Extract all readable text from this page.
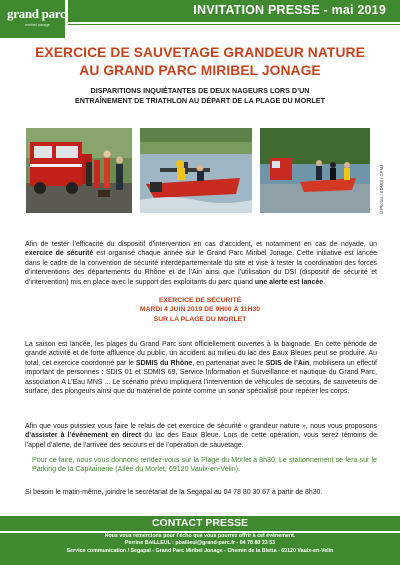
grand parc
miribel jonage
INVITATION PRESSE - mai 2019
EXERCICE DE SAUVETAGE GRANDEUR NATURE
AU GRAND PARC MIRIBEL JONAGE
DISPARITIONS INQUIÉTANTES DE DEUX NAGEURS LORS D’UN
ENTRAÎNEMENT DE TRIATHLON AU DÉPART DE LA PLAGE DU MORLET
© Photos : SDMIS / GPMJ
Afin de tester l’efficacité du dispositif d’intervention en cas d’accident, et notamment en cas de noyade, un exercice de sécurité est organisé chaque année sur le Grand Parc Miribel Jonage. Cette initiative est lancée dans le cadre de la convention de sécurité interdépartementale du site et vise à tester la coordination des forces d’interventions des départements du Rhône et de l’Ain ainsi que l’utilisation du DSI (dispositif de sécurité et d’intervention) mis en place avec le support des exploitants du parc quand une alerte est lancée.
EXERCICE DE SÉCURITÉ
MARDI 4 JUIN 2019 DE 9H00 À 11H30
SUR LA PLAGE DU MORLET
La saison est lancée, les plages du Grand Parc sont officiellement ouvertes à la baignade. En cette période de grande activité et de forte affluence du public, un accident au milieu du lac des Eaux Bleues peut se produire. Au total, cet exercice coordonné par le SDMIS du Rhône, en partenariat avec le SDIS de l’Ain, mobilisera un effectif important de personnes : SDIS 01 et SDMIS 69, Service Information et Surveillance et nautique du Grand Parc, association A L’Eau MNS ... Le scénario prévu impliquera l’intervention de véhicules de secours, de sauveteurs de surface, des plongeurs ainsi que du matériel de pointe comme un sonar spécialisé pour repérer les corps.
Afin que vous puissiez vous faire le relais de cet exercice de sécurité « grandeur nature », nous vous proposons d’assister à l’événement en direct du lac des Eaux Bleue. Lors de cette opération, vous serez témoins de l’appel d’alerte, de l’arrivée des secours et de l’opération de sauvetage.
Pour ce faire, nous vous donnons rendez-vous sur la Plage du Morlet à 8h30. Le stationnement se fera sur le Parking de la Capitainerie (Allée du Morlet, 69120 Vaulx-en-Velin).
Si besoin le matin-même, joindre le secrétariat de la Segapal au 04 78 80 30 67 à partir de 8h30.
CONTACT PRESSE
Nous vous remercions pour l’écho que vous pourrez offrir à cet évènement.
Perrine BAILLEUL : pbailleul@grand-parc.fr - 04 78 80 23 53
Service communication / Segapal - Grand Parc Miribel Jonage - Chemin de la Bletta - 69120 Vaulx-en-Velin
